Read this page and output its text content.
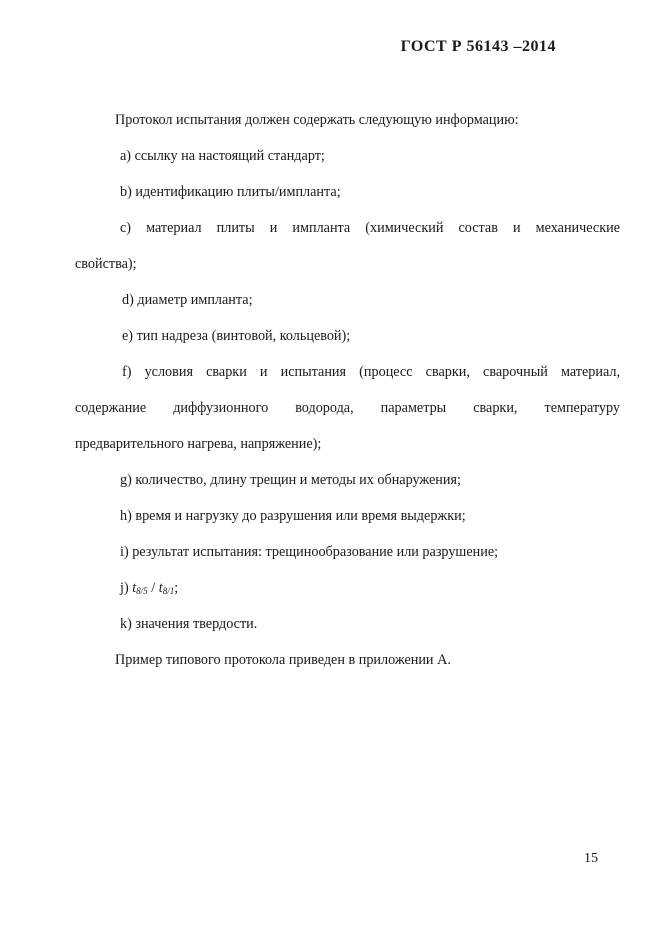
ГОСТ Р 56143 –2014
Протокол испытания должен содержать следующую информацию:
a) ссылку на настоящий стандарт;
b) идентификацию плиты/импланта;
c) материал плиты и импланта (химический состав и механические
свойства);
d) диаметр импланта;
e) тип надреза (винтовой, кольцевой);
f) условия сварки и испытания (процесс сварки, сварочный материал,
содержание диффузионного водорода, параметры сварки, температуру
предварительного нагрева, напряжение);
g) количество, длину трещин и методы их обнаружения;
h) время и нагрузку до разрушения или время выдержки;
i) результат испытания: трещинообразование или разрушение;
j) $t_{8/5} / t_{8/1}$;
k) значения твердости.
Пример типового протокола приведен в приложении А.
15
